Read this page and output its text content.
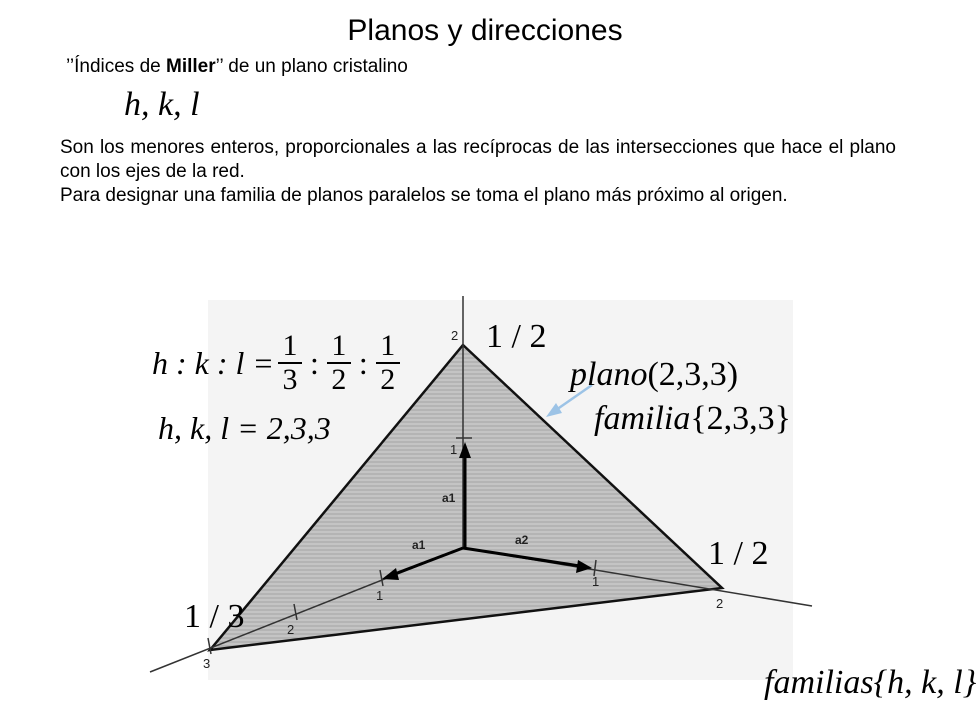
Planos y direcciones
’’Índices de Miller’’ de un plano cristalino
h, k, l

Son los menores enteros, proporcionales a las recíprocas de las intersecciones que hace el plano con los ejes de la red.

Para designar una familia de planos paralelos se toma el plano más próximo al origen.

1
2
1
2
3
1
2
a1
a2
a1
h : k : $l = \frac{1}{3}$ : $\frac{1}{2}$ : $\frac{1}{2}$
h, k, l = 2,3,3
1 / 2
1 / 2
1 / 3
plano(2,3,3)
familia{2,3,3}
familias{h, k, l}
